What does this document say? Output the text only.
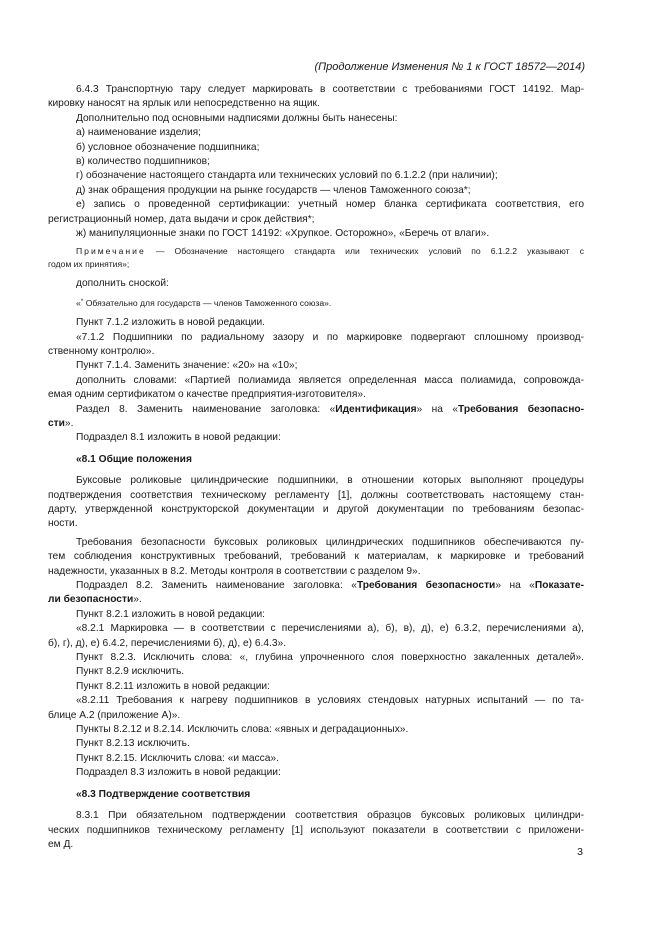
(Продолжение Изменения № 1 к ГОСТ 18572—2014)
6.4.3 Транспортную тару следует маркировать в соответствии с требованиями ГОСТ 14192. Мар-
кировку наносят на ярлык или непосредственно на ящик.
Дополнительно под основными надписями должны быть нанесены:
а) наименование изделия;
б) условное обозначение подшипника;
в) количество подшипников;
г) обозначение настоящего стандарта или технических условий по 6.1.2.2 (при наличии);
д) знак обращения продукции на рынке государств — членов Таможенного союза*;
е) запись о проведенной сертификации: учетный номер бланка сертификата соответствия, его
регистрационный номер, дата выдачи и срок действия*;
ж) манипуляционные знаки по ГОСТ 14192: «Хрупкое. Осторожно», «Беречь от влаги».
Примечание — Обозначение настоящего стандарта или технических условий по 6.1.2.2 указывают с
годом их принятия»;
дополнить сноской:
«* Обязательно для государств — членов Таможенного союза».
Пункт 7.1.2 изложить в новой редакции.
«7.1.2 Подшипники по радиальному зазору и по маркировке подвергают сплошному производ-
ственному контролю».
Пункт 7.1.4. Заменить значение: «20» на «10»;
дополнить словами: «Партией полиамида является определенная масса полиамида, сопровожда-
емая одним сертификатом о качестве предприятия-изготовителя».
Раздел 8. Заменить наименование заголовка: «Идентификация» на «Требования безопасно-
сти».
Подраздел 8.1 изложить в новой редакции:
«8.1 Общие положения
Буксовые роликовые цилиндрические подшипники, в отношении которых выполняют процедуры
подтверждения соответствия техническому регламенту [1], должны соответствовать настоящему стан-
дарту, утвержденной конструкторской документации и другой документации по требованиям безопас-
ности.
Требования безопасности буксовых роликовых цилиндрических подшипников обеспечиваются пу-
тем соблюдения конструктивных требований, требований к материалам, к маркировке и требований
надежности, указанных в 8.2. Методы контроля в соответствии с разделом 9».
Подраздел 8.2. Заменить наименование заголовка: «Требования безопасности» на «Показате-
ли безопасности».
Пункт 8.2.1 изложить в новой редакции:
«8.2.1 Маркировка — в соответствии с перечислениями а), б), в), д), е) 6.3.2, перечислениями а),
б), г), д), е) 6.4.2, перечислениями б), д), е) 6.4.3».
Пункт 8.2.3. Исключить слова: «, глубина упрочненного слоя поверхностно закаленных деталей».
Пункт 8.2.9 исключить.
Пункт 8.2.11 изложить в новой редакции:
«8.2.11 Требования к нагреву подшипников в условиях стендовых натурных испытаний — по та-
блице А.2 (приложение А)».
Пункты 8.2.12 и 8.2.14. Исключить слова: «явных и деградационных».
Пункт 8.2.13 исключить.
Пункт 8.2.15. Исключить слова: «и масса».
Подраздел 8.3 изложить в новой редакции:
«8.3 Подтверждение соответствия
8.3.1 При обязательном подтверждении соответствия образцов буксовых роликовых цилиндри-
ческих подшипников техническому регламенту [1] используют показатели в соответствии с приложени-
ем Д.
3
